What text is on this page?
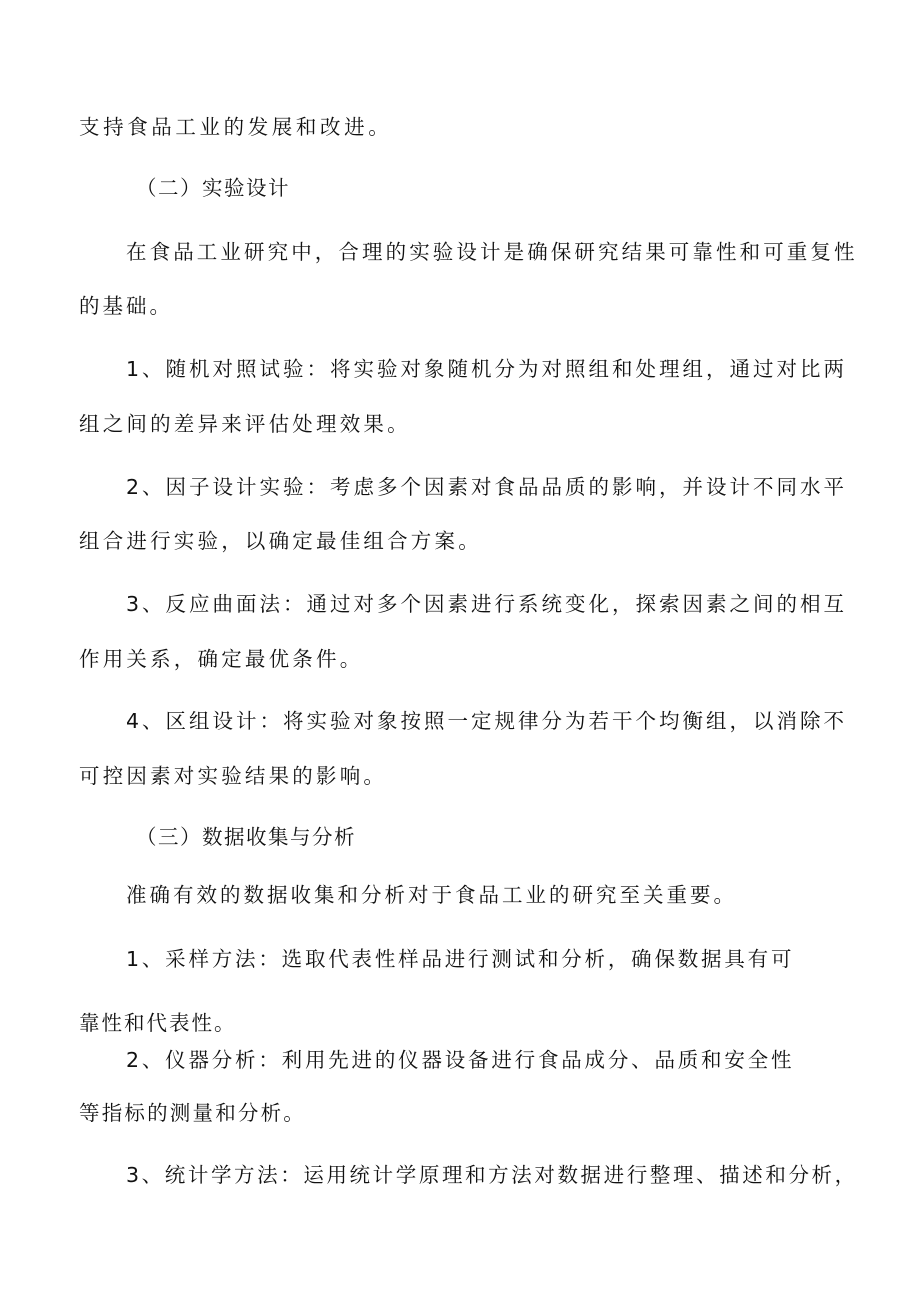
支持食品工业的发展和改进。

（二）实验设计

在食品工业研究中，合理的实验设计是确保研究结果可靠性和可重复性

的基础。

1、随机对照试验：将实验对象随机分为对照组和处理组，通过对比两

组之间的差异来评估处理效果。

2、因子设计实验：考虑多个因素对食品品质的影响，并设计不同水平

组合进行实验，以确定最佳组合方案。

3、反应曲面法：通过对多个因素进行系统变化，探索因素之间的相互

作用关系，确定最优条件。

4、区组设计：将实验对象按照一定规律分为若干个均衡组，以消除不

可控因素对实验结果的影响。

（三）数据收集与分析

准确有效的数据收集和分析对于食品工业的研究至关重要。

1、采样方法：选取代表性样品进行测试和分析，确保数据具有可

靠性和代表性。

2、仪器分析：利用先进的仪器设备进行食品成分、品质和安全性

等指标的测量和分析。

3、统计学方法：运用统计学原理和方法对数据进行整理、描述和分析，
